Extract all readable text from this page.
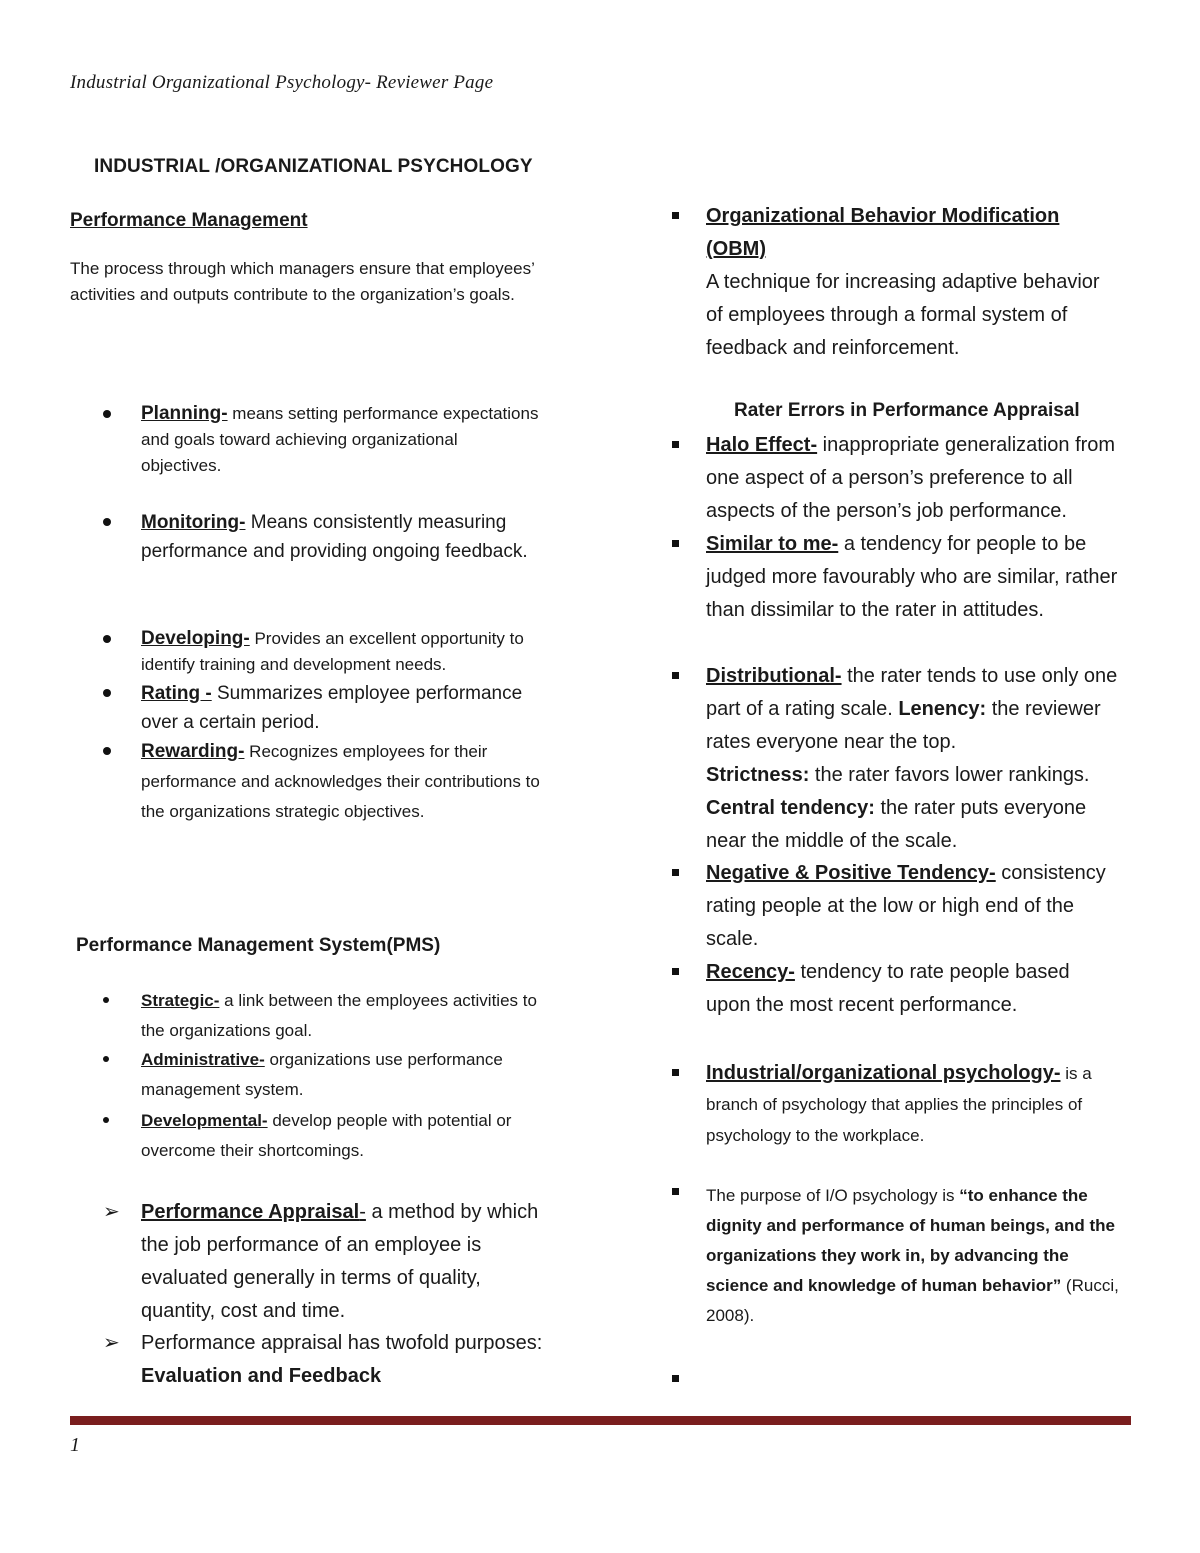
Industrial Organizational Psychology- Reviewer Page
INDUSTRIAL /ORGANIZATIONAL PSYCHOLOGY
Performance Management
The process through which managers ensure that employees’ activities and outputs contribute to the organization’s goals.
Planning- means setting performance expectations and goals toward achieving organizational objectives.
Monitoring- Means consistently measuring performance and providing ongoing feedback.
Developing- Provides an excellent opportunity to identify training and development needs.
Rating - Summarizes employee performance over a certain period.
Rewarding- Recognizes employees for their performance and acknowledges their contributions to the organizations strategic objectives.
Performance Management System(PMS)
Strategic- a link between the employees activities to the organizations goal.
Administrative- organizations use performance management system.
Developmental- develop people with potential or overcome their shortcomings.
➢ Performance Appraisal- a method by which the job performance of an employee is evaluated generally in terms of quality, quantity, cost and time.
➢ Performance appraisal has twofold purposes: Evaluation and Feedback
Organizational Behavior Modification (OBM)
A technique for increasing adaptive behavior of employees through a formal system of feedback and reinforcement.
Rater Errors in Performance Appraisal
Halo Effect- inappropriate generalization from one aspect of a person’s preference to all aspects of the person’s job performance.
Similar to me- a tendency for people to be judged more favourably who are similar, rather than dissimilar to the rater in attitudes.
Distributional- the rater tends to use only one part of a rating scale. Lenency: the reviewer rates everyone near the top.
Strictness: the rater favors lower rankings.
Central tendency: the rater puts everyone near the middle of the scale.
Negative & Positive Tendency- consistency rating people at the low or high end of the scale.
Recency- tendency to rate people based upon the most recent performance.
Industrial/organizational psychology- is a branch of psychology that applies the principles of psychology to the workplace.
The purpose of I/O psychology is “to enhance the dignity and performance of human beings, and the organizations they work in, by advancing the science and knowledge of human behavior” (Rucci, 2008).
1
